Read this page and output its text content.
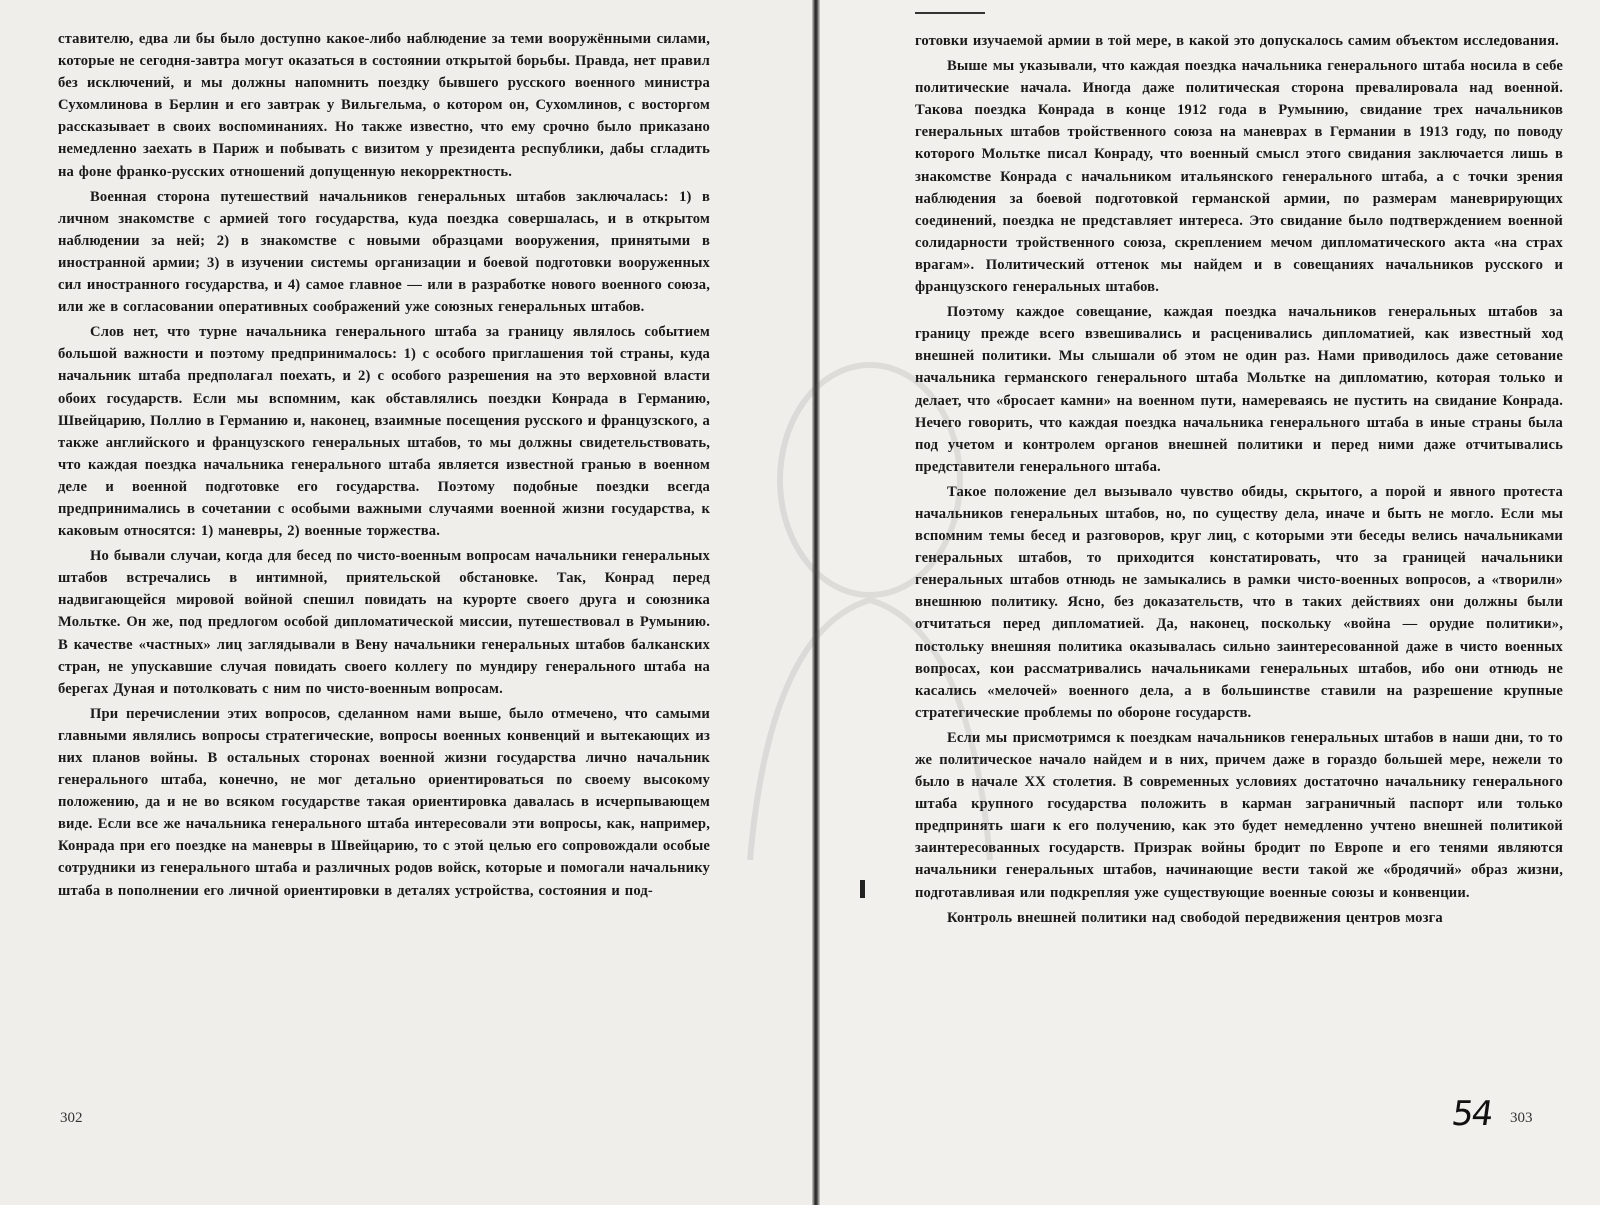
ставителю, едва ли бы было доступно какое-либо наблюдение за теми вооружёнными силами, которые не сегодня-завтра могут оказаться в состоянии открытой борьбы. Правда, нет правил без исключений, и мы должны напомнить поездку бывшего русского военного министра Сухомлинова в Берлин и его завтрак у Вильгельма, о котором он, Сухомлинов, с восторгом рассказывает в своих воспоминаниях. Но также известно, что ему срочно было приказано немедленно заехать в Париж и побывать с визитом у президента республики, дабы сгладить на фоне франко-русских отношений допущенную некорректность.

Военная сторона путешествий начальников генеральных штабов заключалась: 1) в личном знакомстве с армией того государства, куда поездка совершалась, и в открытом наблюдении за ней; 2) в знакомстве с новыми образцами вооружения, принятыми в иностранной армии; 3) в изучении системы организации и боевой подготовки вооруженных сил иностранного государства, и 4) самое главное — или в разработке нового военного союза, или же в согласовании оперативных соображений уже союзных генеральных штабов.

Слов нет, что турне начальника генерального штаба за границу являлось событием большой важности и поэтому предпринималось: 1) с особого приглашения той страны, куда начальник штаба предполагал поехать, и 2) с особого разрешения на это верховной власти обоих государств. Если мы вспомним, как обставлялись поездки Конрада в Германию, Швейцарию, Поллио в Германию и, наконец, взаимные посещения русского и французского, а также английского и французского генеральных штабов, то мы должны свидетельствовать, что каждая поездка начальника генерального штаба является известной гранью в военном деле и военной подготовке его государства. Поэтому подобные поездки всегда предпринимались в сочетании с особыми важными случаями военной жизни государства, к каковым относятся: 1) маневры, 2) военные торжества.

Но бывали случаи, когда для бесед по чисто-военным вопросам начальники генеральных штабов встречались в интимной, приятельской обстановке. Так, Конрад перед надвигающейся мировой войной спешил повидать на курорте своего друга и союзника Мольтке. Он же, под предлогом особой дипломатической миссии, путешествовал в Румынию. В качестве «частных» лиц заглядывали в Вену начальники генеральных штабов балканских стран, не упускавшие случая повидать своего коллегу по мундиру генерального штаба на берегах Дуная и потолковать с ним по чисто-военным вопросам.

При перечислении этих вопросов, сделанном нами выше, было отмечено, что самыми главными являлись вопросы стратегические, вопросы военных конвенций и вытекающих из них планов войны. В остальных сторонах военной жизни государства лично начальник генерального штаба, конечно, не мог детально ориентироваться по своему высокому положению, да и не во всяком государстве такая ориентировка давалась в исчерпывающем виде. Если все же начальника генерального штаба интересовали эти вопросы, как, например, Конрада при его поездке на маневры в Швейцарию, то с этой целью его сопровождали особые сотрудники из генерального штаба и различных родов войск, которые и помогали начальнику штаба в пополнении его личной ориентировки в деталях устройства, состояния и под-

302

готовки изучаемой армии в той мере, в какой это допускалось самим объектом исследования.

Выше мы указывали, что каждая поездка начальника генерального штаба носила в себе политические начала. Иногда даже политическая сторона превалировала над военной. Такова поездка Конрада в конце 1912 года в Румынию, свидание трех начальников генеральных штабов тройственного союза на маневрах в Германии в 1913 году, по поводу которого Мольтке писал Конраду, что военный смысл этого свидания заключается лишь в знакомстве Конрада с начальником итальянского генерального штаба, а с точки зрения наблюдения за боевой подготовкой германской армии, по размерам маневрирующих соединений, поездка не представляет интереса. Это свидание было подтверждением военной солидарности тройственного союза, скреплением мечом дипломатического акта «на страх врагам». Политический оттенок мы найдем и в совещаниях начальников русского и французского генеральных штабов.

Поэтому каждое совещание, каждая поездка начальников генеральных штабов за границу прежде всего взвешивались и расценивались дипломатией, как известный ход внешней политики. Мы слышали об этом не один раз. Нами приводилось даже сетование начальника германского генерального штаба Мольтке на дипломатию, которая только и делает, что «бросает камни» на военном пути, намереваясь не пустить на свидание Конрада. Нечего говорить, что каждая поездка начальника генерального штаба в иные страны была под учетом и контролем органов внешней политики и перед ними даже отчитывались представители генерального штаба.

Такое положение дел вызывало чувство обиды, скрытого, а порой и явного протеста начальников генеральных штабов, но, по существу дела, иначе и быть не могло. Если мы вспомним темы бесед и разговоров, круг лиц, с которыми эти беседы велись начальниками генеральных штабов, то приходится констатировать, что за границей начальники генеральных штабов отнюдь не замыкались в рамки чисто-военных вопросов, а «творили» внешнюю политику. Ясно, без доказательств, что в таких действиях они должны были отчитаться перед дипломатией. Да, наконец, поскольку «война — орудие политики», постольку внешняя политика оказывалась сильно заинтересованной даже в чисто военных вопросах, кои рассматривались начальниками генеральных штабов, ибо они отнюдь не касались «мелочей» военного дела, а в большинстве ставили на разрешение крупные стратегические проблемы по обороне государств.

Если мы присмотримся к поездкам начальников генеральных штабов в наши дни, то то же политическое начало найдем и в них, причем даже в гораздо большей мере, нежели то было в начале XX столетия. В современных условиях достаточно начальнику генерального штаба крупного государства положить в карман заграничный паспорт или только предпринять шаги к его получению, как это будет немедленно учтено внешней политикой заинтересованных государств. Призрак войны бродит по Европе и его тенями являются начальники генеральных штабов, начинающие вести такой же «бродячий» образ жизни, подготавливая или подкрепляя уже существующие военные союзы и конвенции.

Контроль внешней политики над свободой передвижения центров мозга

54 303
